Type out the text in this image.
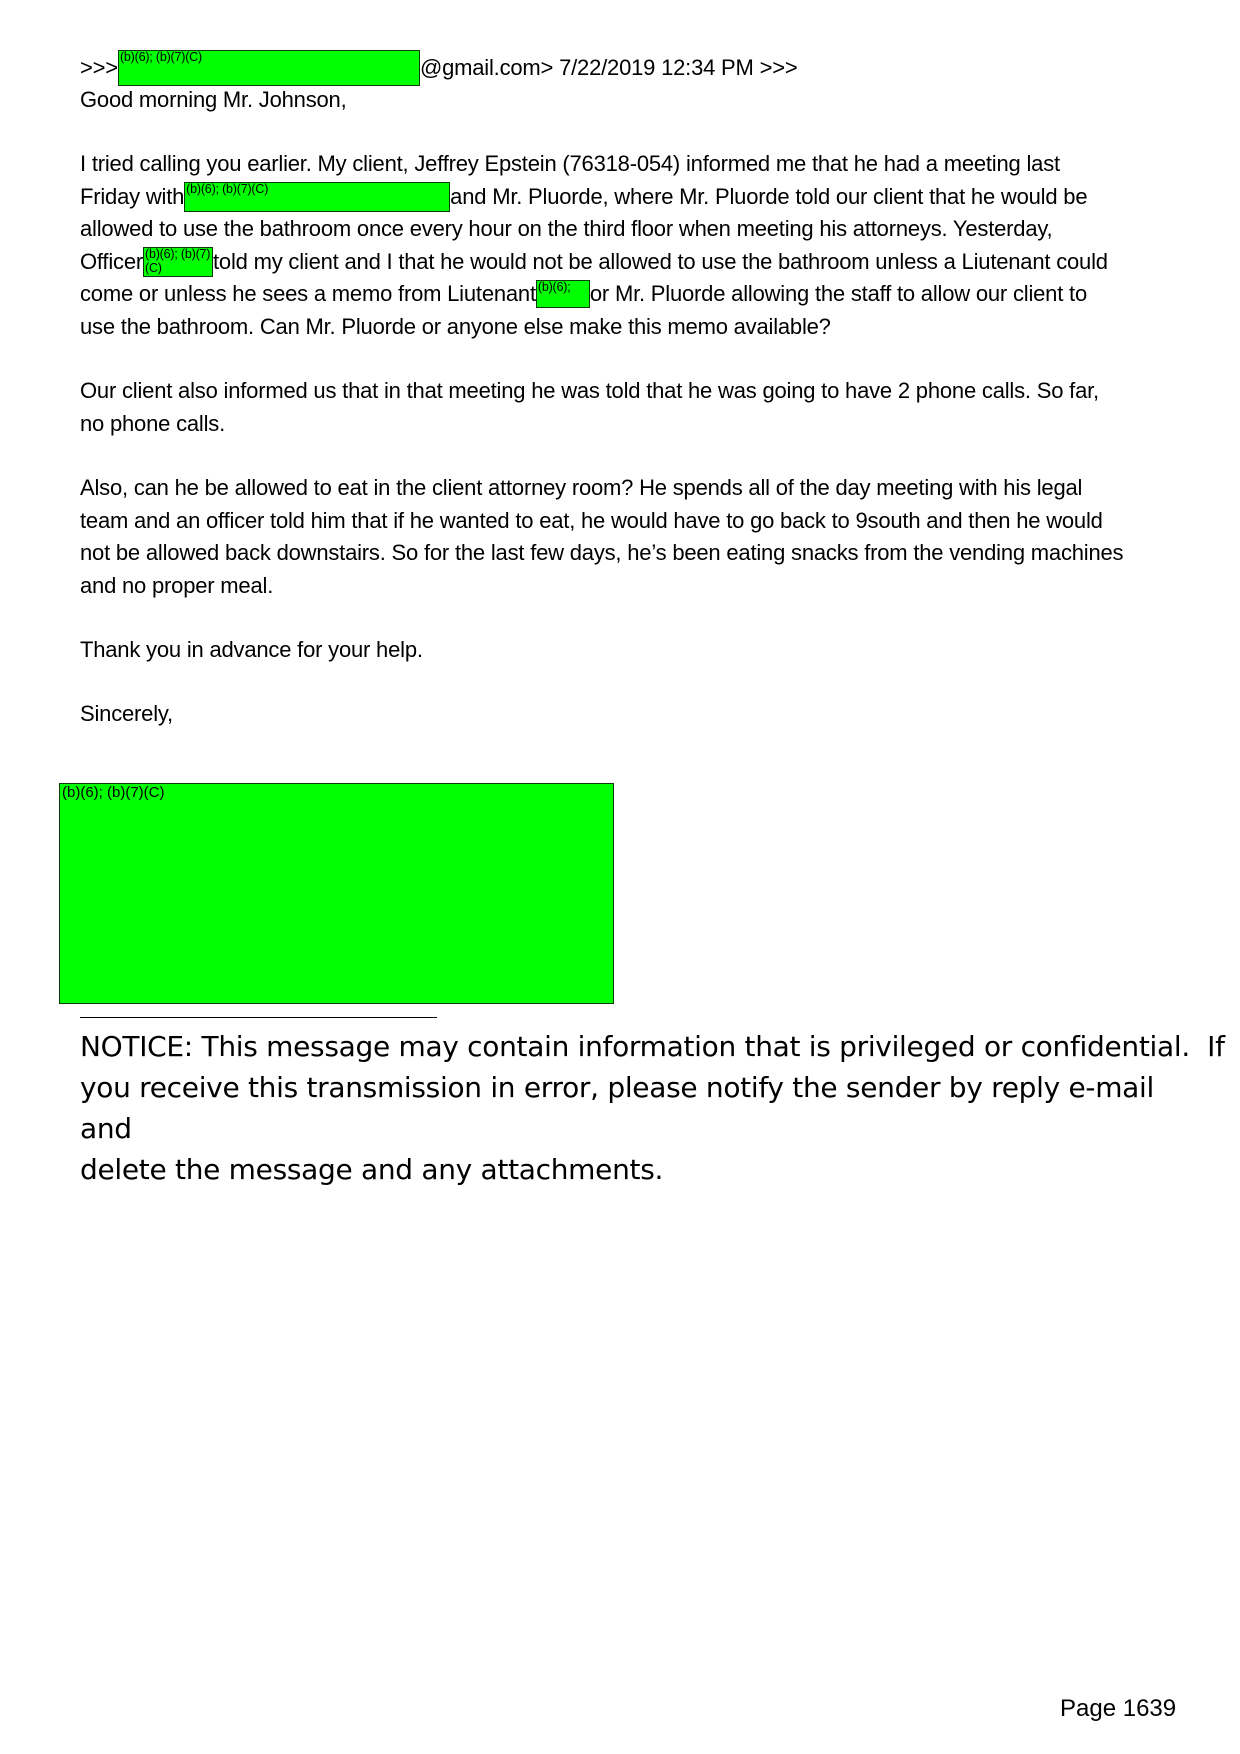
>>> (b)(6); (b)(7)(C)	@gmail.com> 7/22/2019 12:34 PM >>>
Good morning Mr. Johnson,
I tried calling you earlier. My client, Jeffrey Epstein (76318-054) informed me that he had a meeting last
Friday with (b)(6); (b)(7)(C)	and Mr. Pluorde, where Mr. Pluorde told our client that he would be
allowed to use the bathroom once every hour on the third floor when meeting his attorneys. Yesterday,
Officer (b)(6); (b)(7)(C)	told my client and I that he would not be allowed to use the bathroom unless a Liutenant could
come or unless he sees a memo from Liutenant (b)(6); or Mr. Pluorde allowing the staff to allow our client to
use the bathroom. Can Mr. Pluorde or anyone else make this memo available?
Our client also informed us that in that meeting he was told that he was going to have 2 phone calls. So far,
no phone calls.
Also, can he be allowed to eat in the client attorney room? He spends all of the day meeting with his legal
team and an officer told him that if he wanted to eat, he would have to go back to 9south and then he would
not be allowed back downstairs. So for the last few days, he’s been eating snacks from the vending machines
and no proper meal.
Thank you in advance for your help.
Sincerely,
(b)(6); (b)(7)(C)
NOTICE: This message may contain information that is privileged or confidential.  If
you receive this transmission in error, please notify the sender by reply e-mail and
delete the message and any attachments.
Page 1639
